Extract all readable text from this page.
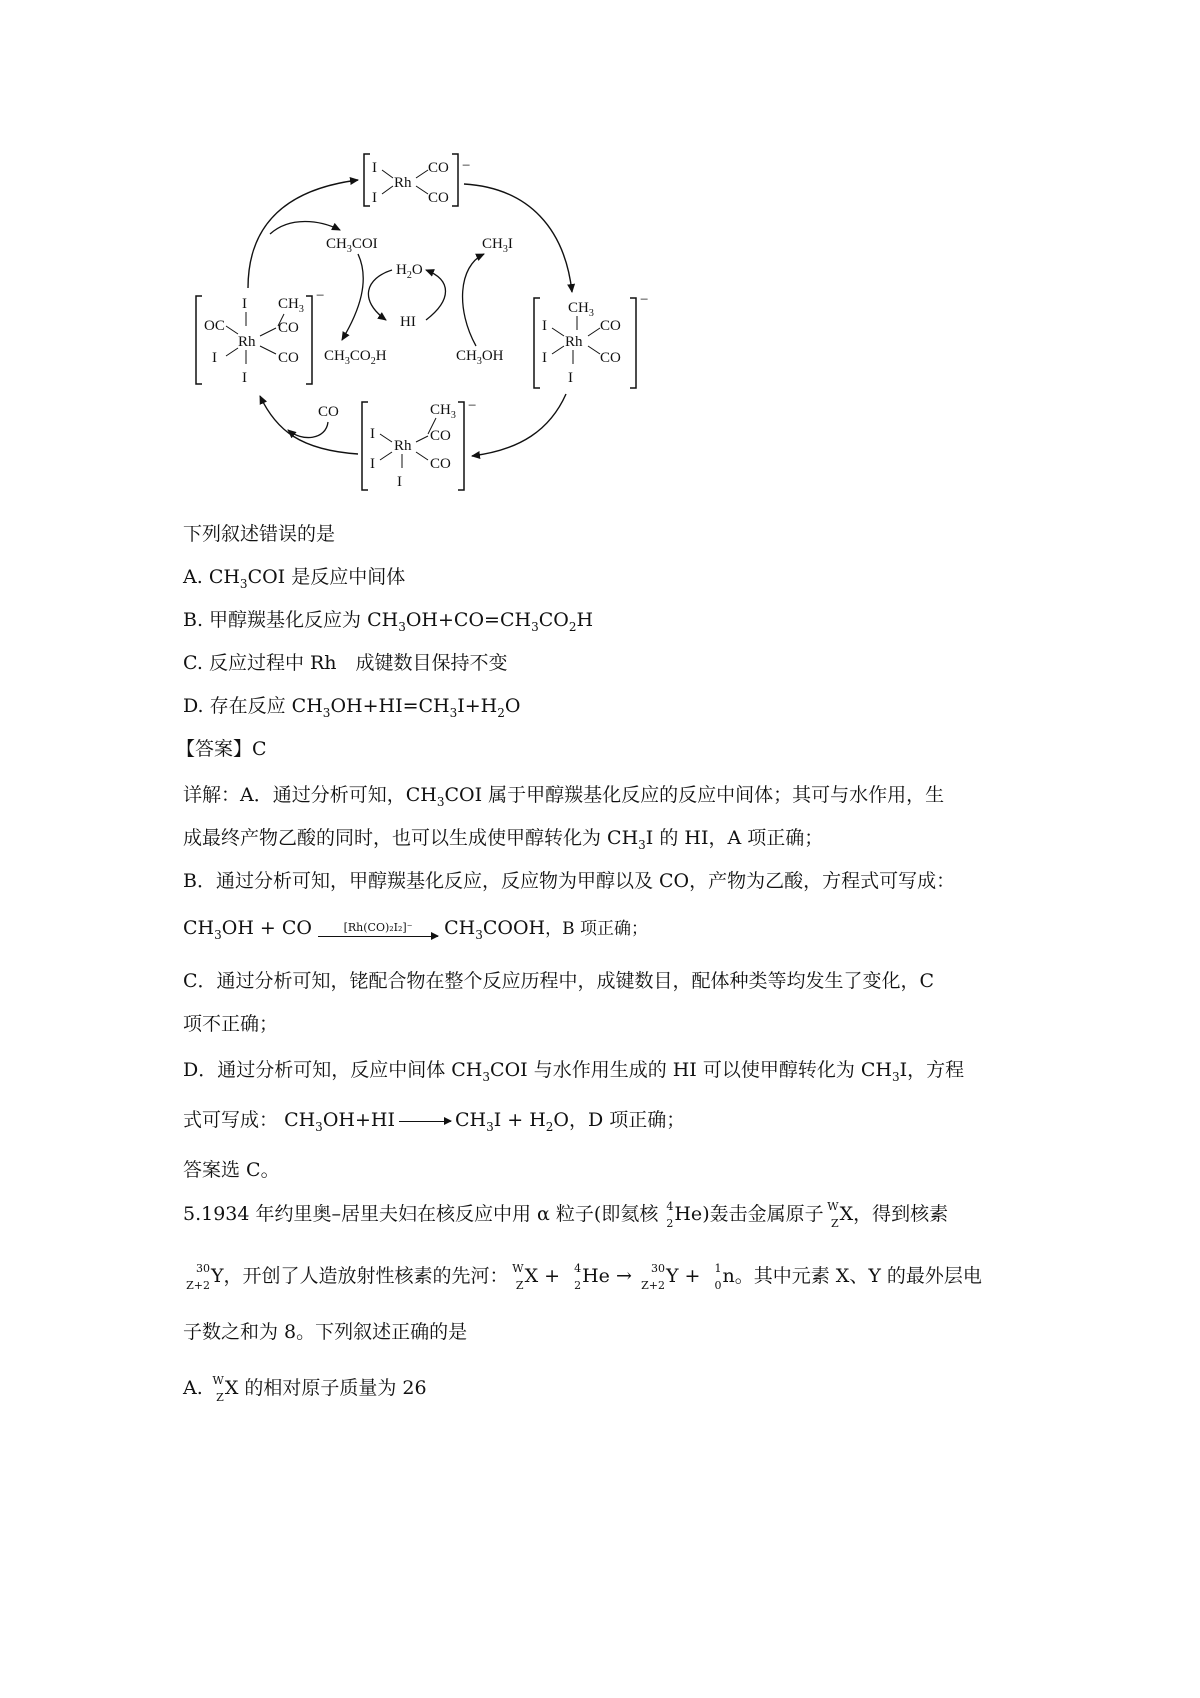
I
I
Rh
CO
CO
−
$CH_3$
I
I
Rh
CO
CO
I
−
$CH_3$
I
I
Rh
CO
CO
I
−
I $CH_3$
OC
Rh
CO
CO
I
I
−
$CH_3COI$	$CH_3I$
$H_2O$
HI
$CH_3CO_2H$	$CH_3OH$
CO
下列叙述错误的是
A. $CH_3COI$ 是反应中间体
B. 甲醇羰基化反应为 $CH_3OH+CO=CH_3CO_2H$
C. 反应过程中 Rh　成键数目保持不变
D. 存在反应 $CH_3OH+HI=CH_3I+H_2O$
【答案】C
详解：A．通过分析可知，$CH_3COI$ 属于甲醇羰基化反应的反应中间体；其可与水作用，生
成最终产物乙酸的同时，也可以生成使甲醇转化为 $CH_3I$ 的 HI，A 项正确；
B．通过分析可知，甲醇羰基化反应，反应物为甲醇以及 CO，产物为乙酸，方程式可写成：
$CH_3OH$ + CO	[Rh(CO)₂I₂]⁻	$CH_3COOH$，B 项正确；
C．通过分析可知，铑配合物在整个反应历程中，成键数目，配体种类等均发生了变化，C
项不正确；
D．通过分析可知，反应中间体 $CH_3COI$ 与水作用生成的 HI 可以使甲醇转化为 $CH_3I$，方程
式可写成： $CH_3OH+HI \to CH_3I + H_2O$，D 项正确；
答案选 C。
5.1934 年约里奥–居里夫妇在核反应中用 α 粒子(即氦核 4
2 He)轰击金属原子 W
Z X，得到核素
30
Z+2 Y，开创了人造放射性核素的先河： W
Z X + 4
2 He → 30
Z+2 Y + 1
0 n。其中元素 X、Y 的最外层电
子数之和为 8。下列叙述正确的是
A. W
Z X 的相对原子质量为 26
